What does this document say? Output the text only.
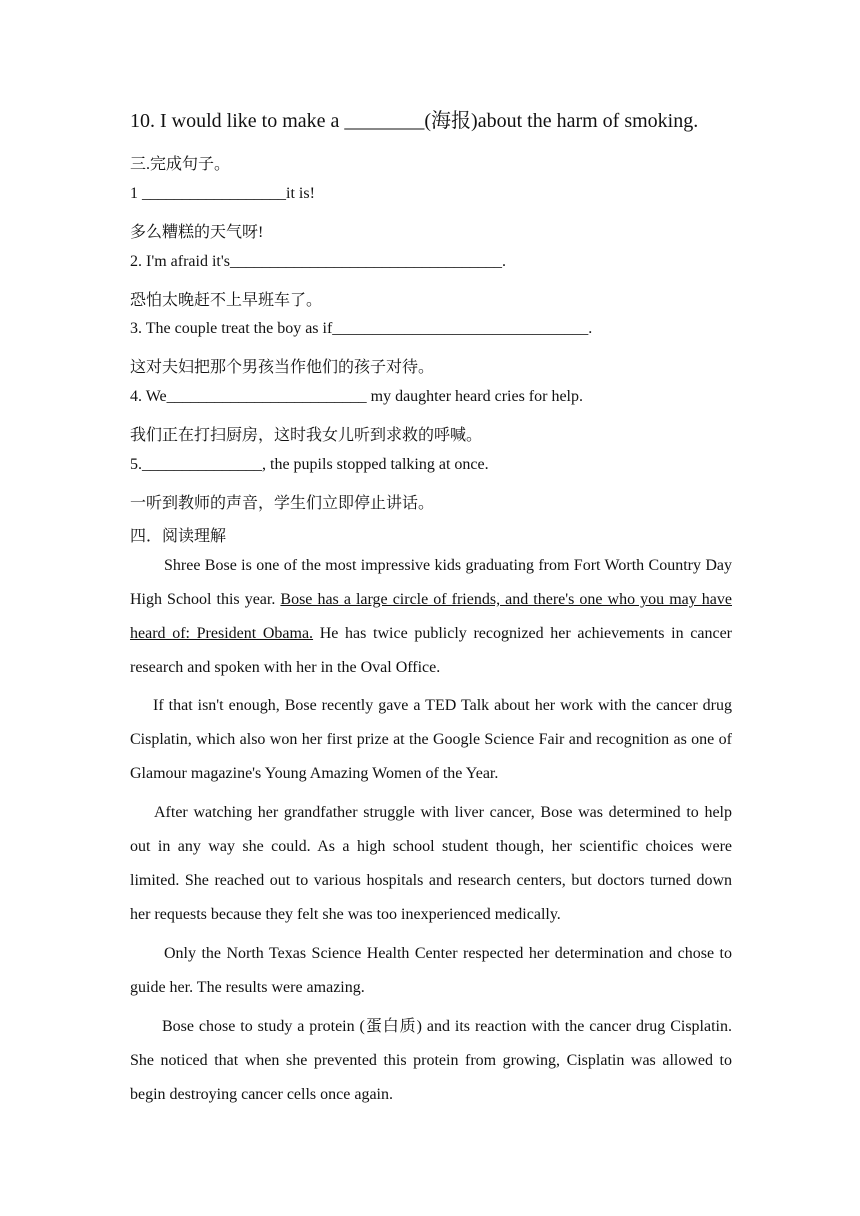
10. I would like to make a ________(海报)about the harm of smoking.
三.完成句子。
1 __________________it is!
多么糟糕的天气呀!
2. I'm afraid it's__________________________________.
恐怕太晚赶不上早班车了。
3. The couple treat the boy as if________________________________.
这对夫妇把那个男孩当作他们的孩子对待。
4. We_________________________ my daughter heard cries for help.
我们正在打扫厨房，这时我女儿听到求救的呼喊。
5._______________, the pupils stopped talking at once.
一听到教师的声音，学生们立即停止讲话。
四．阅读理解
Shree Bose is one of the most impressive kids graduating from Fort Worth Country Day High School this year. Bose has a large circle of friends, and there's one who you may have heard of: President Obama. He has twice publicly recognized her achievements in cancer research and spoken with her in the Oval Office.
If that isn't enough, Bose recently gave a TED Talk about her work with the cancer drug Cisplatin, which also won her first prize at the Google Science Fair and recognition as one of Glamour magazine's Young Amazing Women of the Year.
After watching her grandfather struggle with liver cancer, Bose was determined to help out in any way she could. As a high school student though, her scientific choices were limited. She reached out to various hospitals and research centers, but doctors turned down her requests because they felt she was too inexperienced medically.
Only the North Texas Science Health Center respected her determination and chose to guide her. The results were amazing.
Bose chose to study a protein (蛋白质) and its reaction with the cancer drug Cisplatin. She noticed that when she prevented this protein from growing, Cisplatin was allowed to begin destroying cancer cells once again.
